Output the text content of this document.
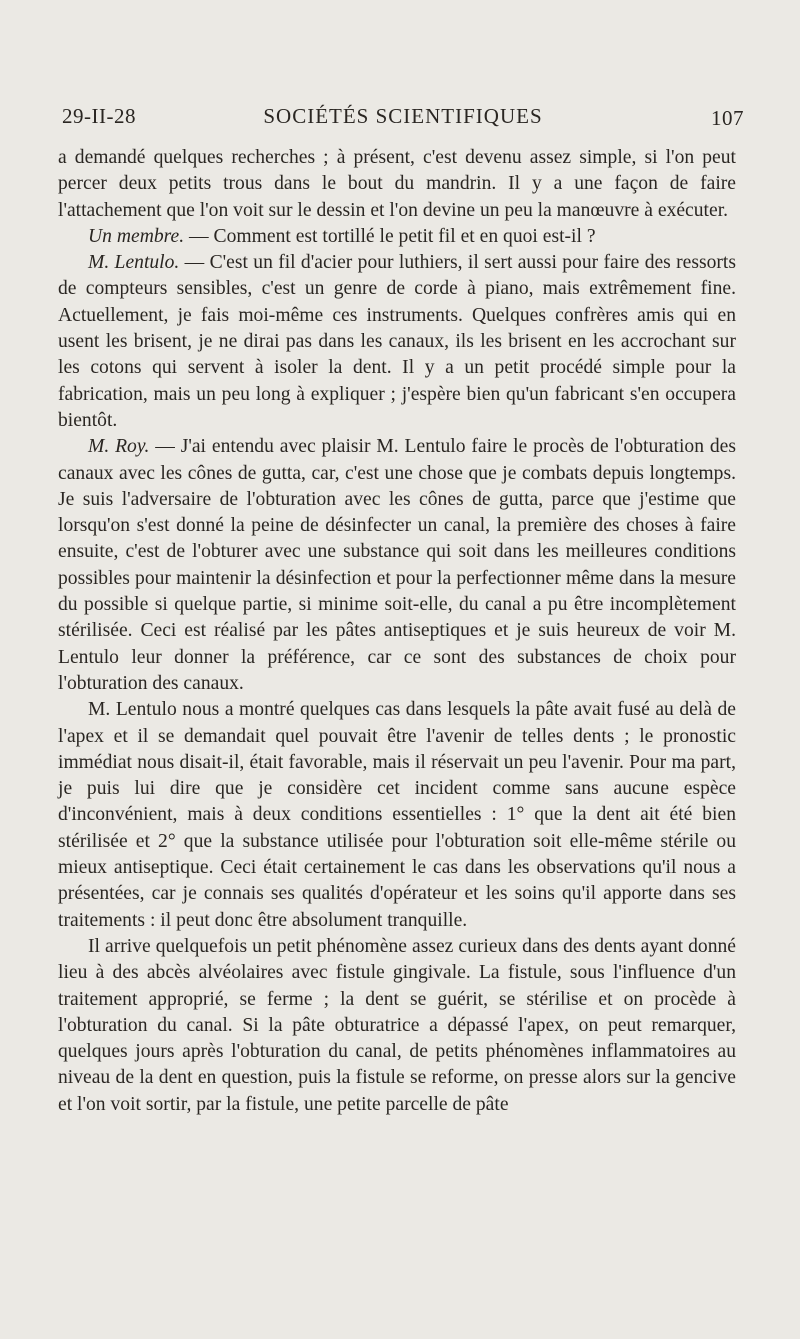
29-II-28	SOCIÉTÉS SCIENTIFIQUES	107

a demandé quelques recherches ; à présent, c'est devenu assez simple, si l'on peut percer deux petits trous dans le bout du mandrin. Il y a une façon de faire l'attachement que l'on voit sur le dessin et l'on devine un peu la manœuvre à exécuter.

Un membre. — Comment est tortillé le petit fil et en quoi est-il ?

M. Lentulo. — C'est un fil d'acier pour luthiers, il sert aussi pour faire des ressorts de compteurs sensibles, c'est un genre de corde à piano, mais extrêmement fine. Actuellement, je fais moi-même ces instruments. Quelques confrères amis qui en usent les brisent, je ne dirai pas dans les canaux, ils les brisent en les accrochant sur les cotons qui servent à isoler la dent. Il y a un petit procédé simple pour la fabrication, mais un peu long à expliquer ; j'espère bien qu'un fabricant s'en occupera bientôt.

M. Roy. — J'ai entendu avec plaisir M. Lentulo faire le procès de l'obturation des canaux avec les cônes de gutta, car, c'est une chose que je combats depuis longtemps. Je suis l'adversaire de l'obturation avec les cônes de gutta, parce que j'estime que lorsqu'on s'est donné la peine de désinfecter un canal, la première des choses à faire ensuite, c'est de l'obturer avec une substance qui soit dans les meilleures conditions possibles pour maintenir la désinfection et pour la perfectionner même dans la mesure du possible si quelque partie, si minime soit-elle, du canal a pu être incomplètement stérilisée. Ceci est réalisé par les pâtes antiseptiques et je suis heureux de voir M. Lentulo leur donner la préférence, car ce sont des substances de choix pour l'obturation des canaux.

M. Lentulo nous a montré quelques cas dans lesquels la pâte avait fusé au delà de l'apex et il se demandait quel pouvait être l'avenir de telles dents ; le pronostic immédiat nous disait-il, était favorable, mais il réservait un peu l'avenir. Pour ma part, je puis lui dire que je considère cet incident comme sans aucune espèce d'inconvénient, mais à deux conditions essentielles : 1° que la dent ait été bien stérilisée et 2° que la substance utilisée pour l'obturation soit elle-même stérile ou mieux antiseptique. Ceci était certainement le cas dans les observations qu'il nous a présentées, car je connais ses qualités d'opérateur et les soins qu'il apporte dans ses traitements : il peut donc être absolument tranquille.

Il arrive quelquefois un petit phénomène assez curieux dans des dents ayant donné lieu à des abcès alvéolaires avec fistule gingivale. La fistule, sous l'influence d'un traitement approprié, se ferme ; la dent se guérit, se stérilise et on procède à l'obturation du canal. Si la pâte obturatrice a dépassé l'apex, on peut remarquer, quelques jours après l'obturation du canal, de petits phénomènes inflammatoires au niveau de la dent en question, puis la fistule se reforme, on presse alors sur la gencive et l'on voit sortir, par la fistule, une petite parcelle de pâte
